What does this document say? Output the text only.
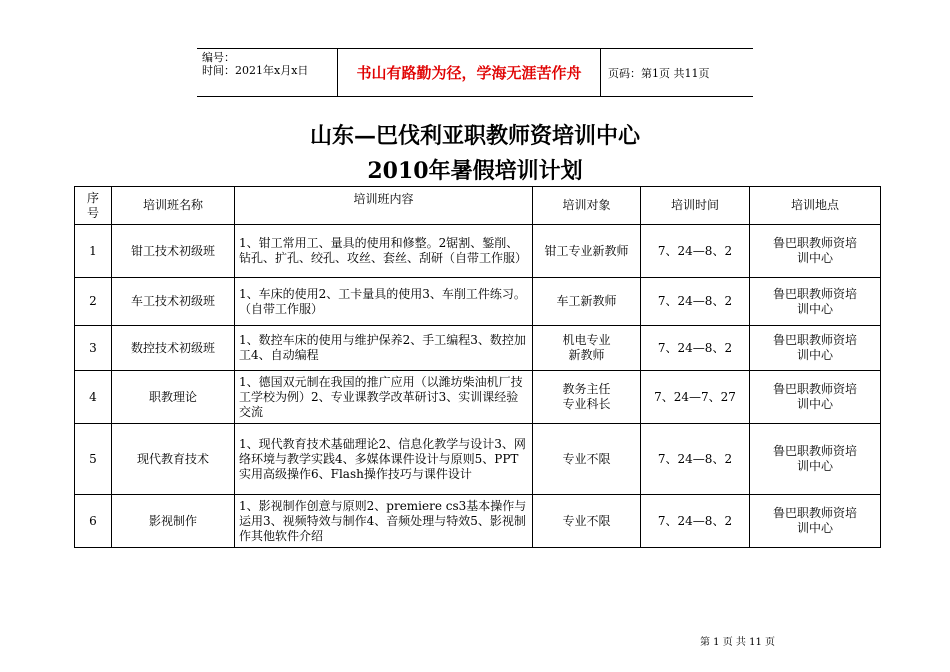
编号：
时间：2021年x月x日	书山有路勤为径，学海无涯苦作舟	页码：第1页 共11页
山东—巴伐利亚职教师资培训中心
2010年暑假培训计划
序号	培训班名称	培训班内容	培训对象	培训时间	培训地点
1	钳工技术初级班	1、钳工常用工、量具的使用和修整。2锯割、錾削、钻孔、扩孔、绞孔、攻丝、套丝、刮研（自带工作服）	钳工专业新教师	7、24—8、2	鲁巴职教师资培训中心
2	车工技术初级班	1、车床的使用2、工卡量具的使用3、车削工件练习。（自带工作服）	车工新教师	7、24—8、2	鲁巴职教师资培训中心
3	数控技术初级班	1、数控车床的使用与维护保养2、手工编程3、数控加工4、自动编程	机电专业新教师	7、24—8、2	鲁巴职教师资培训中心
4	职教理论	1、德国双元制在我国的推广应用（以潍坊柴油机厂技工学校为例）2、专业课教学改革研讨3、实训课经验交流	教务主任专业科长	7、24—7、27	鲁巴职教师资培训中心
5	现代教育技术	1、现代教育技术基础理论2、信息化教学与设计3、网络环境与教学实践4、多媒体课件设计与原则5、PPT实用高级操作6、Flash操作技巧与课件设计	专业不限	7、24—8、2	鲁巴职教师资培训中心
6	影视制作	1、影视制作创意与原则2、premiere cs3基本操作与运用3、视频特效与制作4、音频处理与特效5、影视制作其他软件介绍	专业不限	7、24—8、2	鲁巴职教师资培训中心
第 1 页 共 11 页
